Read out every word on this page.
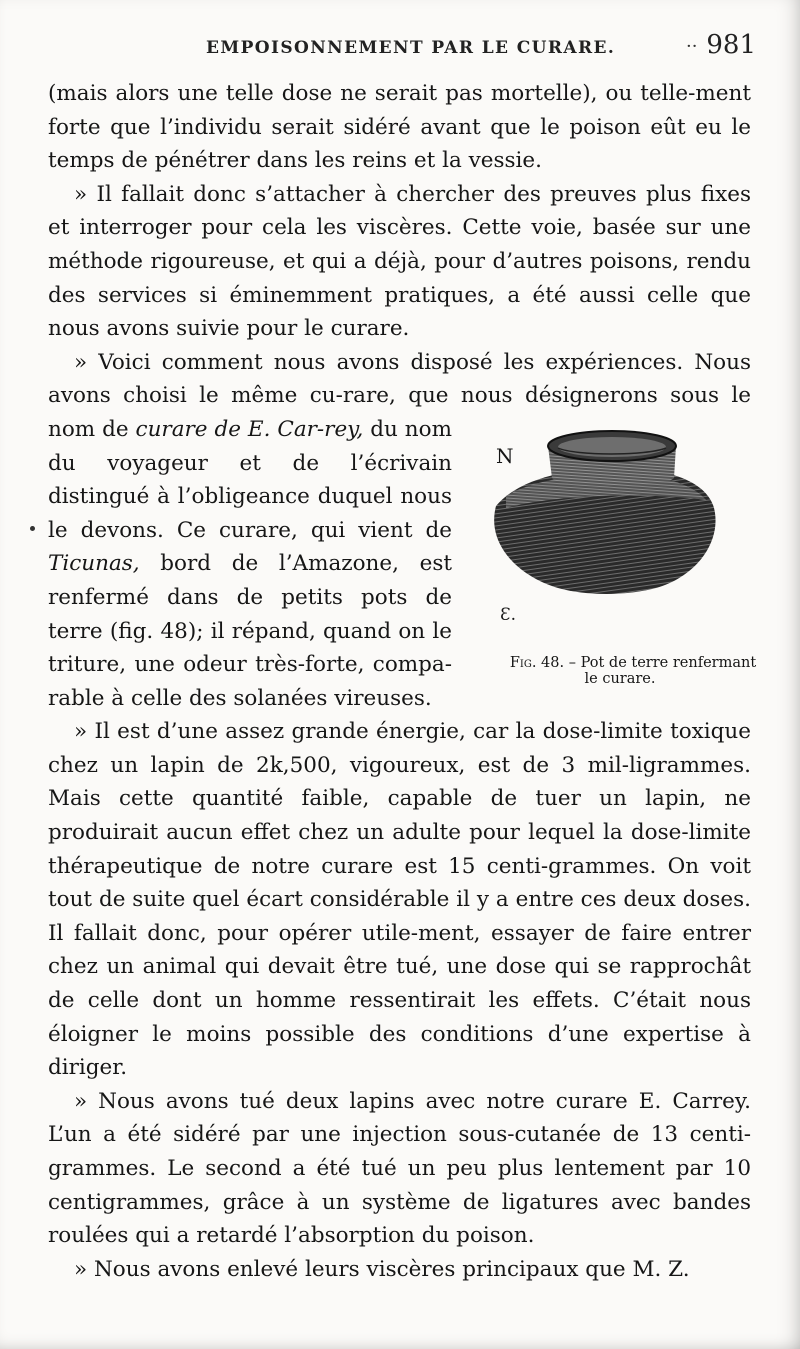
EMPOISONNEMENT PAR LE CURARE.	·· 981

(mais alors une telle dose ne serait pas mortelle), ou telle-ment forte que l’individu serait sidéré avant que le poison eût eu le temps de pénétrer dans les reins et la vessie.

» Il fallait donc s’attacher à chercher des preuves plus fixes et interroger pour cela les viscères. Cette voie, basée sur une méthode rigoureuse, et qui a déjà, pour d’autres poisons, rendu des services si éminemment pratiques, a été aussi celle que nous avons suivie pour le curare.

» Voici comment nous avons disposé les expériences. Nous avons choisi le même cu-rare, que nous désignerons sous le nom de
N
Ɛ.
Fig. 48. – Pot de terre renfermant le curare.
curare de E. Car-rey, du nom du voyageur et de l’écrivain distingué à l’obligeance duquel nous le devons. Ce curare, qui vient de Ticunas, bord de l’Amazone, est renfermé dans de petits pots de terre (fig. 48); il répand, quand on le triture, une odeur très-forte, compa-rable à celle des solanées vireuses.

» Il est d’une assez grande énergie, car la dose-limite toxique chez un lapin de 2k,500, vigoureux, est de 3 mil-ligrammes. Mais cette quantité faible, capable de tuer un lapin, ne produirait aucun effet chez un adulte pour lequel la dose-limite thérapeutique de notre curare est 15 centi-grammes. On voit tout de suite quel écart considérable il y a entre ces deux doses. Il fallait donc, pour opérer utile-ment, essayer de faire entrer chez un animal qui devait être tué, une dose qui se rapprochât de celle dont un homme ressentirait les effets. C’était nous éloigner le moins possible des conditions d’une expertise à diriger.

» Nous avons tué deux lapins avec notre curare E. Carrey. L’un a été sidéré par une injection sous-cutanée de 13 centi-grammes. Le second a été tué un peu plus lentement par 10 centigrammes, grâce à un système de ligatures avec bandes roulées qui a retardé l’absorption du poison.

» Nous avons enlevé leurs viscères principaux que M. Z.
